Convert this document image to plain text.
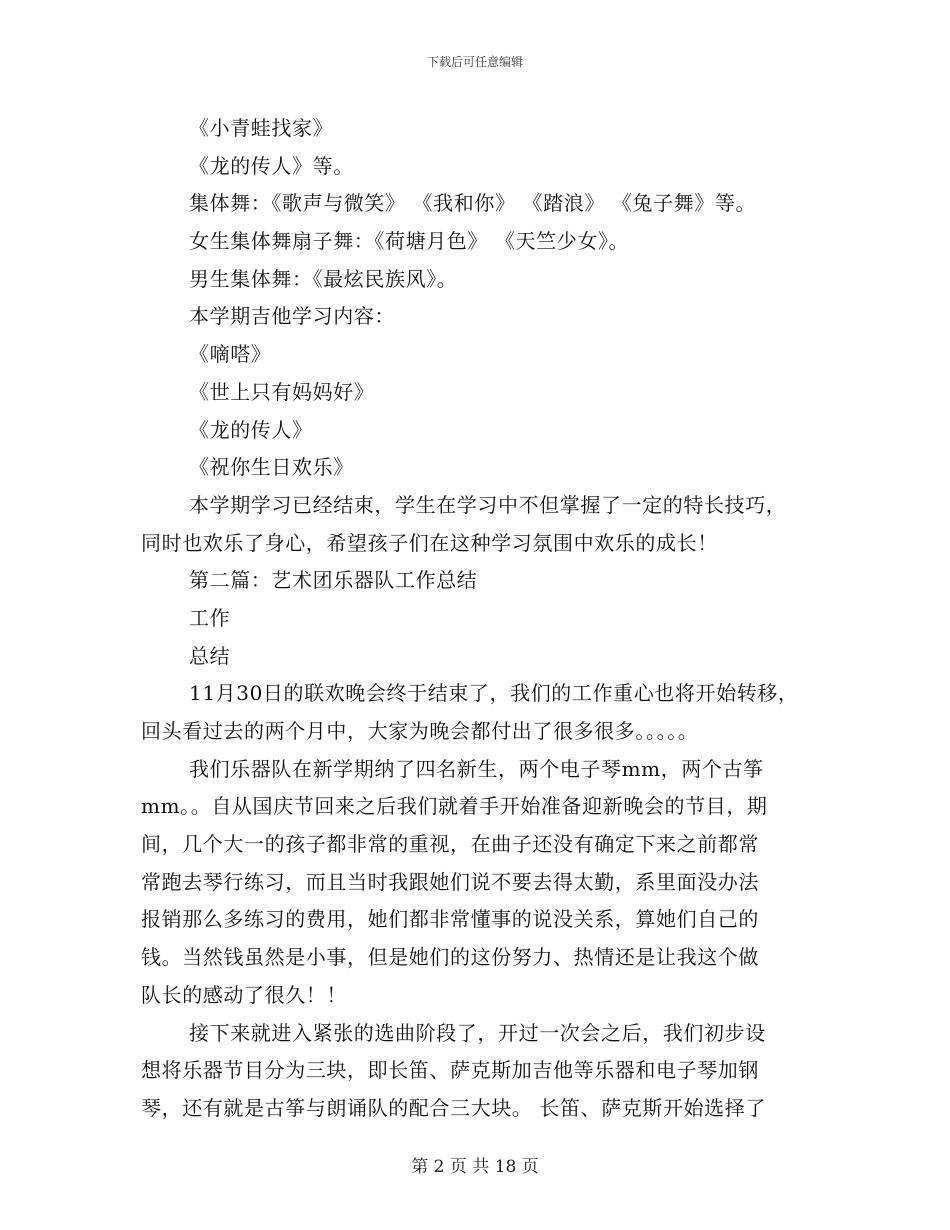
下载后可任意编辑
《小青蛙找家》
《龙的传人》等。
集体舞：《歌声与微笑》 《我和你》 《踏浪》 《兔子舞》等。
女生集体舞扇子舞：《荷塘月色》 《天竺少女》。
男生集体舞：《最炫民族风》。
本学期吉他学习内容：
《嘀嗒》
《世上只有妈妈好》
《龙的传人》
《祝你生日欢乐》
本学期学习已经结束，学生在学习中不但掌握了一定的特长技巧，
同时也欢乐了身心，希望孩子们在这种学习氛围中欢乐的成长！
第二篇：艺术团乐器队工作总结
工作
总结
11月30日的联欢晚会终于结束了，我们的工作重心也将开始转移，
回头看过去的两个月中，大家为晚会都付出了很多很多。。。。。
我们乐器队在新学期纳了四名新生，两个电子琴mm，两个古筝
mm。。自从国庆节回来之后我们就着手开始准备迎新晚会的节目，期
间，几个大一的孩子都非常的重视，在曲子还没有确定下来之前都常
常跑去琴行练习，而且当时我跟她们说不要去得太勤，系里面没办法
报销那么多练习的费用，她们都非常懂事的说没关系，算她们自己的
钱。当然钱虽然是小事，但是她们的这份努力、热情还是让我这个做
队长的感动了很久！！
接下来就进入紧张的选曲阶段了，开过一次会之后，我们初步设
想将乐器节目分为三块，即长笛、萨克斯加吉他等乐器和电子琴加钢
琴，还有就是古筝与朗诵队的配合三大块。 长笛、萨克斯开始选择了
第 2 页 共 18 页
